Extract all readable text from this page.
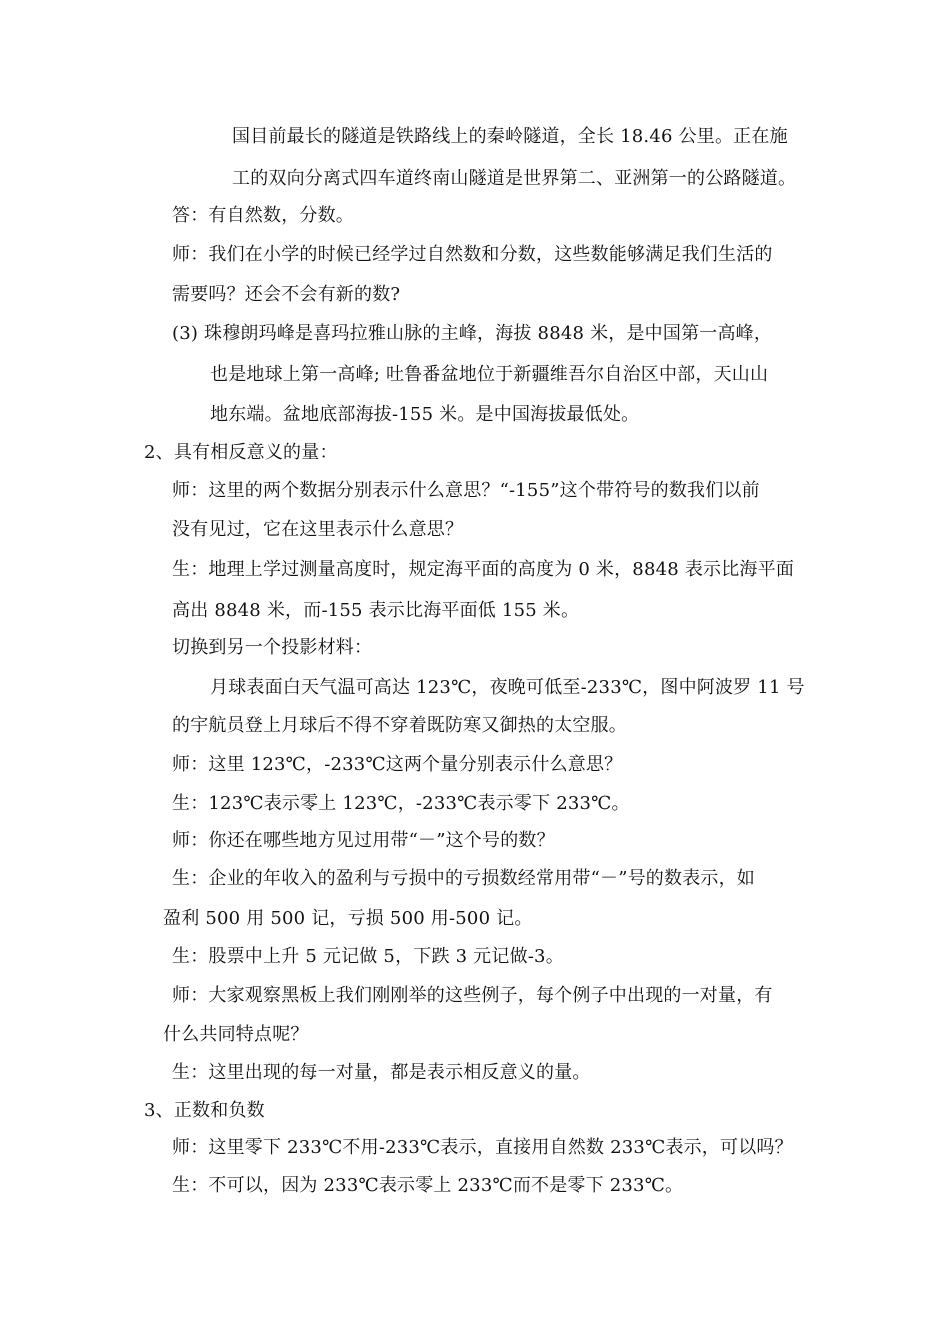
国目前最长的隧道是铁路线上的秦岭隧道，全长 18.46 公里。正在施
工的双向分离式四车道终南山隧道是世界第二、亚洲第一的公路隧道。
答：有自然数，分数。
师：我们在小学的时候已经学过自然数和分数，这些数能够满足我们生活的
需要吗？还会不会有新的数?
(3) 珠穆朗玛峰是喜玛拉雅山脉的主峰，海拔 8848 米，是中国第一高峰，
也是地球上第一高峰; 吐鲁番盆地位于新疆维吾尔自治区中部，天山山
地东端。盆地底部海拔-155 米。是中国海拔最低处。
2、具有相反意义的量：
师：这里的两个数据分别表示什么意思？“-155”这个带符号的数我们以前
没有见过，它在这里表示什么意思？
生：地理上学过测量高度时，规定海平面的高度为 0 米，8848 表示比海平面
高出 8848 米，而-155 表示比海平面低 155 米。
切换到另一个投影材料：
月球表面白天气温可高达 123℃，夜晚可低至-233℃，图中阿波罗 11 号
的宇航员登上月球后不得不穿着既防寒又御热的太空服。
师：这里 123℃，-233℃这两个量分别表示什么意思？
生：123℃表示零上 123℃，-233℃表示零下 233℃。
师：你还在哪些地方见过用带“－”这个号的数？
生：企业的年收入的盈利与亏损中的亏损数经常用带“－”号的数表示，如
盈利 500 用 500 记，亏损 500 用-500 记。
生：股票中上升 5 元记做 5，下跌 3 元记做-3。
师：大家观察黑板上我们刚刚举的这些例子，每个例子中出现的一对量，有
什么共同特点呢？
生：这里出现的每一对量，都是表示相反意义的量。
3、正数和负数
师：这里零下 233℃不用-233℃表示，直接用自然数 233℃表示，可以吗？
生：不可以，因为 233℃表示零上 233℃而不是零下 233℃。
